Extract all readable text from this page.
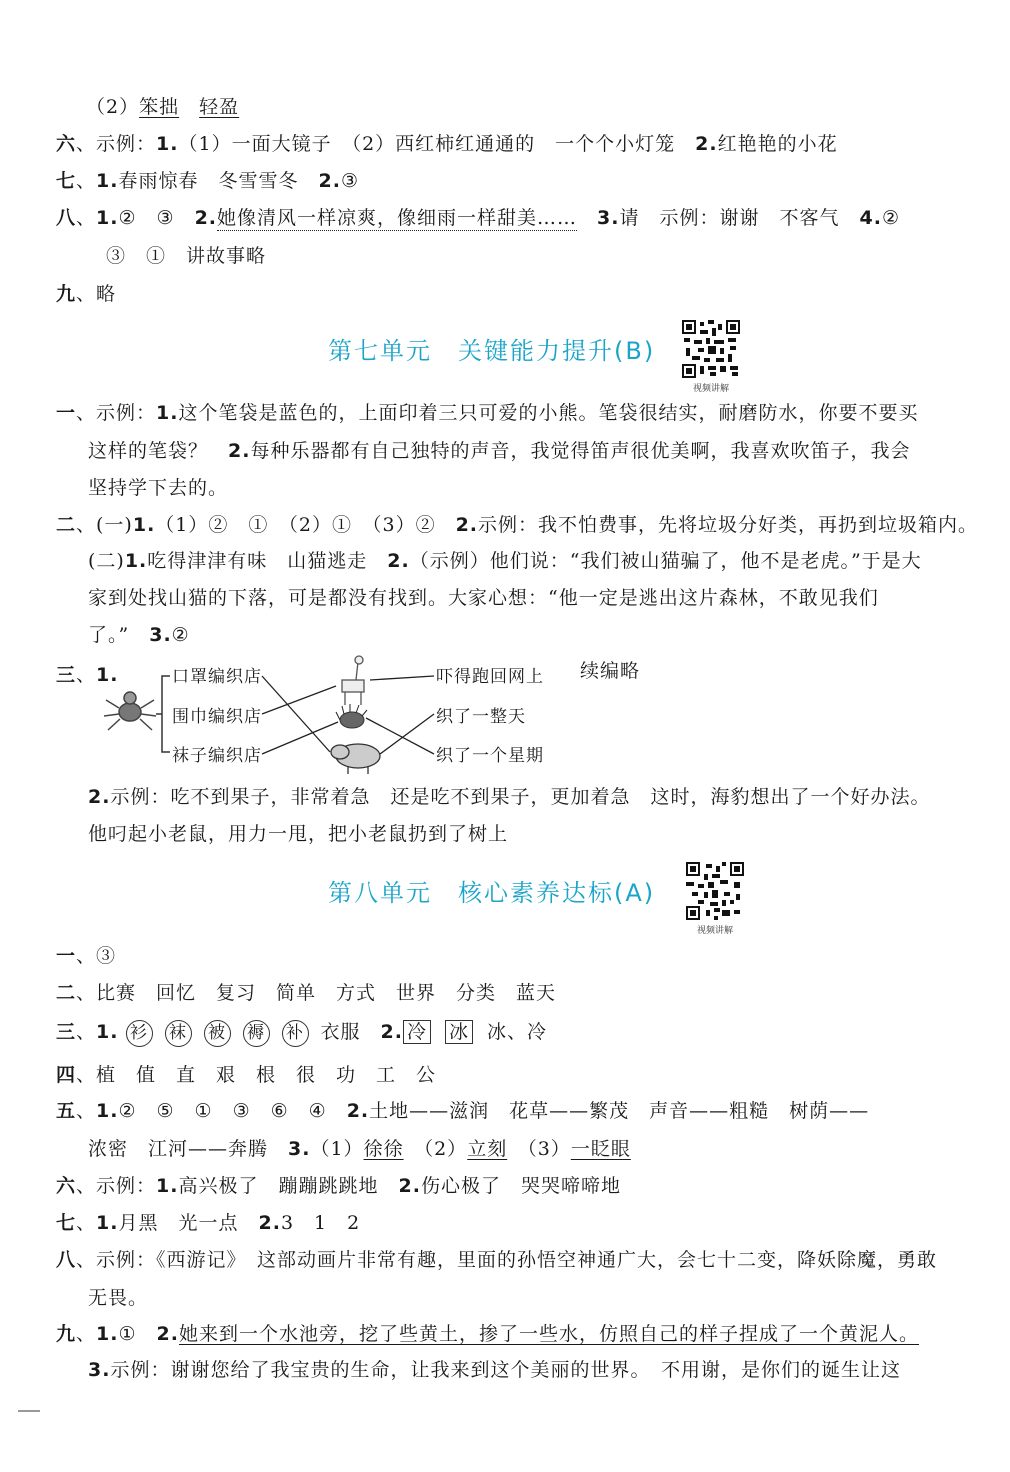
（2）笨拙　 轻盈
六、示例：1.（1）一面大镜子　（2）西红柿红通通的　一个个小灯笼　2.红艳艳的小花
七、1.春雨惊春　冬雪雪冬　2.③
八、1.②　③　2.她像清风一样凉爽，像细雨一样甜美……　 3.请　示例：谢谢　不客气　4.②
③　①　讲故事略
九、略
第七单元　关键能力提升(B)
视频讲解
一、示例：1.这个笔袋是蓝色的，上面印着三只可爱的小熊。笔袋很结实，耐磨防水，你要不要买
这样的笔袋？　2.每种乐器都有自己独特的声音，我觉得笛声很优美啊，我喜欢吹笛子，我会
坚持学下去的。
二、(一)1.（1）②　①　（2）①　（3）②　2.示例：我不怕费事，先将垃圾分好类，再扔到垃圾箱内。
(二)1.吃得津津有味　山猫逃走　2.（示例）他们说：“我们被山猫骗了，他不是老虎。”于是大
家到处找山猫的下落，可是都没有找到。大家心想：“他一定是逃出这片森林，不敢见我们
了。”　3.②
三、1.	口罩编织店
围巾编织店
袜子编织店
吓得跑回网上
织了一整天
织了一个星期
续编略
2.示例：吃不到果子，非常着急　还是吃不到果子，更加着急　这时，海豹想出了一个好办法。
他叼起小老鼠，用力一甩，把小老鼠扔到了树上
第八单元　核心素养达标(A)
视频讲解
一、③
二、比赛　回忆　复习　简单　方式　世界　分类　蓝天
三、1. 衫 袜 被 褥 补 衣服　2. 冷 冰 冰、冷
四、植　值　直　艰　根　很　功　工　公
五、1.②　⑤　①　③　⑥　④　2.土地——滋润　花草——繁茂　声音——粗糙　树荫——
浓密　江河——奔腾　3.（1）徐徐　 （2）立刻　 （3）一眨眼
六、示例：1.高兴极了　蹦蹦跳跳地　2.伤心极了　哭哭啼啼地
七、1.月黑　光一点　2.3　1　2
八、示例：《西游记》　这部动画片非常有趣，里面的孙悟空神通广大，会七十二变，降妖除魔，勇敢
无畏。
九、1.①　2.她来到一个水池旁，挖了些黄土，掺了一些水，仿照自己的样子捏成了一个黄泥人。
3.示例：谢谢您给了我宝贵的生命，让我来到这个美丽的世界。　不用谢，是你们的诞生让这
